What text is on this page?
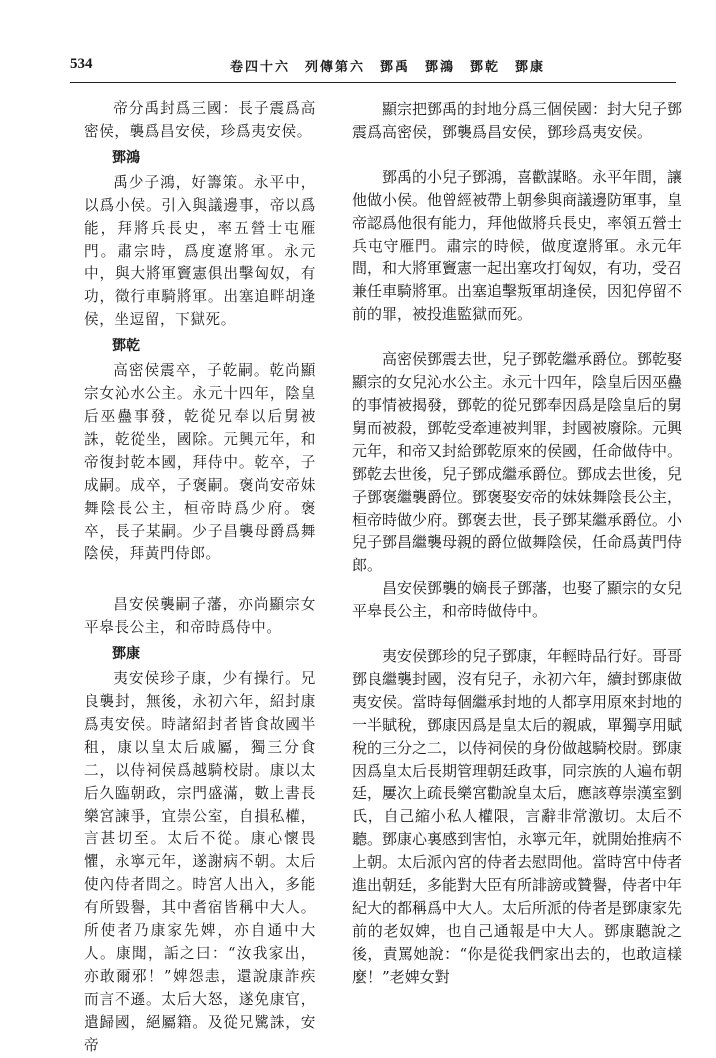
534	卷四十六　列傳第六　鄧禹　鄧鴻　鄧乾　鄧康

帝分禹封爲三國：長子震爲高密侯，襲爲昌安侯，珍爲夷安侯。

鄧鴻

禹少子鴻，好籌策。永平中，以爲小侯。引入與議邊事，帝以爲能，拜將兵長史，率五營士屯雁門。肅宗時，爲度遼將軍。永元中，與大將軍竇憲俱出擊匈奴，有功，徵行車騎將軍。出塞追畔胡逢侯，坐逗留，下獄死。

鄧乾

高密侯震卒，子乾嗣。乾尚顯宗女沁水公主。永元十四年，陰皇后巫蠱事發，乾從兄奉以后舅被誅，乾從坐，國除。元興元年，和帝復封乾本國，拜侍中。乾卒，子成嗣。成卒，子褒嗣。褒尚安帝妹舞陰長公主，桓帝時爲少府。褒卒，長子某嗣。少子昌襲母爵爲舞陰侯，拜黃門侍郎。

昌安侯襲嗣子藩，亦尚顯宗女平皋長公主，和帝時爲侍中。

鄧康

夷安侯珍子康，少有操行。兄良襲封，無後，永初六年，紹封康爲夷安侯。時諸紹封者皆食故國半租，康以皇太后戚屬，獨三分食二，以侍祠侯爲越騎校尉。康以太后久臨朝政，宗門盛滿，數上書長樂宮諫爭，宜崇公室，自損私權，言甚切至。太后不從。康心懷畏懼，永寧元年，遂謝病不朝。太后使內侍者問之。時宮人出入，多能有所毀譽，其中耆宿皆稱中大人。所使者乃康家先婢，亦自通中大人。康聞，詬之曰：“汝我家出，亦敢爾邪！”婢怨恚，還說康詐疾而言不遜。太后大怒，遂免康官，遣歸國，絕屬籍。及從兄騭誅，安帝

顯宗把鄧禹的封地分爲三個侯國：封大兒子鄧震爲高密侯，鄧襲爲昌安侯，鄧珍爲夷安侯。

鄧禹的小兒子鄧鴻，喜歡謀略。永平年間，讓他做小侯。他曾經被帶上朝參與商議邊防軍事，皇帝認爲他很有能力，拜他做將兵長史，率領五營士兵屯守雁門。肅宗的時候，做度遼將軍。永元年間，和大將軍竇憲一起出塞攻打匈奴，有功，受召兼任車騎將軍。出塞追擊叛軍胡逢侯，因犯停留不前的罪，被投進監獄而死。

高密侯鄧震去世，兒子鄧乾繼承爵位。鄧乾娶顯宗的女兒沁水公主。永元十四年，陰皇后因巫蠱的事情被揭發，鄧乾的從兄鄧奉因爲是陰皇后的舅舅而被殺，鄧乾受牽連被判罪，封國被廢除。元興元年，和帝又封給鄧乾原來的侯國，任命做侍中。鄧乾去世後，兒子鄧成繼承爵位。鄧成去世後，兒子鄧褒繼襲爵位。鄧褒娶安帝的妹妹舞陰長公主，桓帝時做少府。鄧褒去世，長子鄧某繼承爵位。小兒子鄧昌繼襲母親的爵位做舞陰侯，任命爲黃門侍郎。

昌安侯鄧襲的嫡長子鄧藩，也娶了顯宗的女兒平皋長公主，和帝時做侍中。

夷安侯鄧珍的兒子鄧康，年輕時品行好。哥哥鄧良繼襲封國，沒有兒子，永初六年，續封鄧康做夷安侯。當時每個繼承封地的人都享用原來封地的一半賦稅，鄧康因爲是皇太后的親戚，單獨享用賦稅的三分之二，以侍祠侯的身份做越騎校尉。鄧康因爲皇太后長期管理朝廷政事，同宗族的人遍布朝廷，屢次上疏長樂宮勸說皇太后，應該尊崇漢室劉氏，自己縮小私人權限，言辭非常激切。太后不聽。鄧康心裏感到害怕，永寧元年，就開始推病不上朝。太后派內宮的侍者去慰問他。當時宮中侍者進出朝廷，多能對大臣有所誹謗或贊譽，侍者中年紀大的都稱爲中大人。太后所派的侍者是鄧康家先前的老奴婢，也自己通報是中大人。鄧康聽說之後，責罵她說：“你是從我們家出去的，也敢這樣麼！”老婢女對
